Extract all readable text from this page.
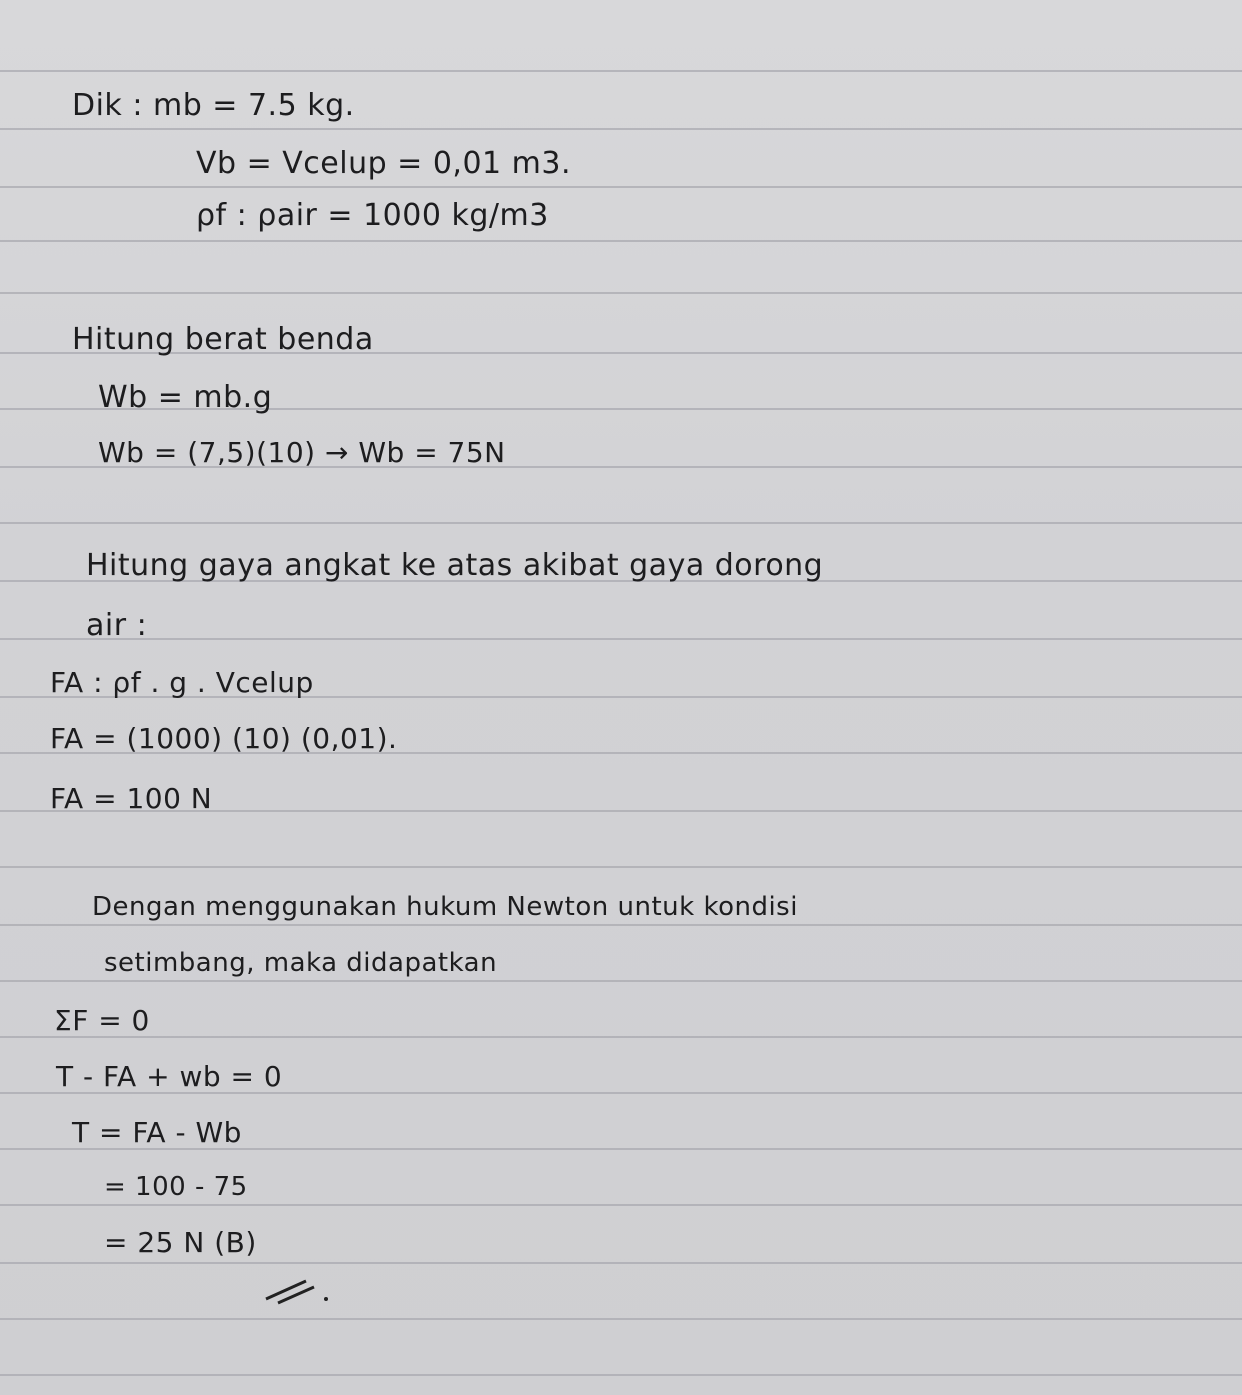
Dik : mb = 7.5 kg.
Vb = Vcelup = 0,01 m3.
ρf : ρair = 1000 kg/m3
Hitung berat benda
Wb = mb.g
Wb = (7,5)(10) → Wb = 75N
Hitung gaya angkat ke atas akibat gaya dorong
air :
FA : ρf . g . Vcelup
FA = (1000) (10) (0,01).
FA = 100 N
Dengan menggunakan hukum Newton untuk kondisi
setimbang, maka didapatkan
ΣF = 0
T - FA + wb = 0
T = FA - Wb
= 100 - 75
= 25 N (B)
